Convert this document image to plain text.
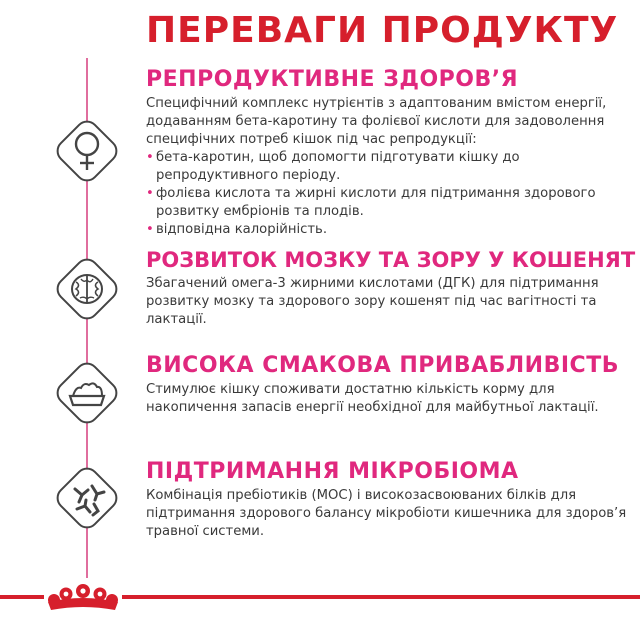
ПЕРЕВАГИ ПРОДУКТУ
РЕПРОДУКТИВНЕ ЗДОРОВ’Я
Специфічний комплекс нутрієнтів з адаптованим вмістом енергії, додаванням бета-каротину та фолієвої кислоти для задоволення специфічних потреб кішок під час репродукції:
• бета-каротин, щоб допомогти підготувати кішку до репродуктивного періоду.
• фолієва кислота та жирні кислоти для підтримання здорового розвитку ембріонів та плодів.
• відповідна калорійність.
РОЗВИТОК МОЗКУ ТА ЗОРУ У КОШЕНЯТ
Збагачений омега-3 жирними кислотами (ДГК) для підтримання розвитку мозку та здорового зору кошенят під час вагітності та лактації.
ВИСОКА СМАКОВА ПРИВАБЛИВІСТЬ
Стимулює кішку споживати достатню кількість корму для накопичення запасів енергії необхідної для майбутньої лактації.
ПІДТРИМАННЯ МІКРОБІОМА
Комбінація пребіотиків (МОС) і високозасвоюваних білків для підтримання здорового балансу мікробіоти кишечника для здоров’я травної системи.
